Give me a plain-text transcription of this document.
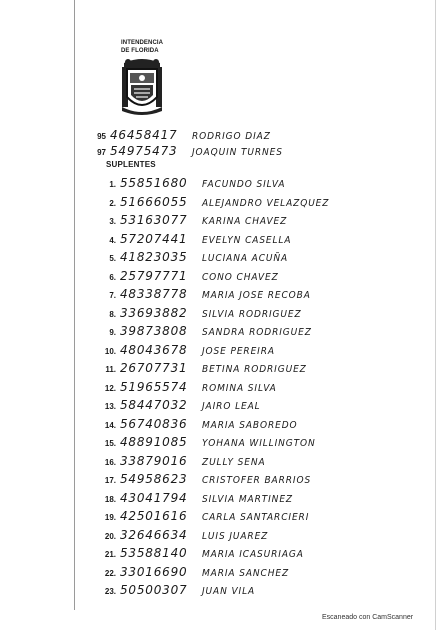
INTENDENCIA
DE FLORIDA
95 46458417	RODRIGO DIAZ
97 54975473	JOAQUIN TURNES
SUPLENTES
1. 55851680	FACUNDO SILVA
2. 51666055	ALEJANDRO VELAZQUEZ
3. 53163077	KARINA CHAVEZ
4. 57207441	EVELYN CASELLA
5. 41823035	LUCIANA ACUÑA
6. 25797771	CONO CHAVEZ
7. 48338778	MARIA JOSE RECOBA
8. 33693882	SILVIA RODRIGUEZ
9. 39873808	SANDRA RODRIGUEZ
10. 48043678	JOSE PEREIRA
11. 26707731	BETINA RODRIGUEZ
12. 51965574	ROMINA SILVA
13. 58447032	JAIRO LEAL
14. 56740836	MARIA SABOREDO
15. 48891085	YOHANA WILLINGTON
16. 33879016	ZULLY SENA
17. 54958623	CRISTOFER BARRIOS
18. 43041794	SILVIA MARTINEZ
19. 42501616	CARLA SANTARCIERI
20. 32646634	LUIS JUAREZ
21. 53588140	MARIA ICASURIAGA
22. 33016690	MARIA SANCHEZ
23. 50500307	JUAN VILA
Escaneado con CamScanner
